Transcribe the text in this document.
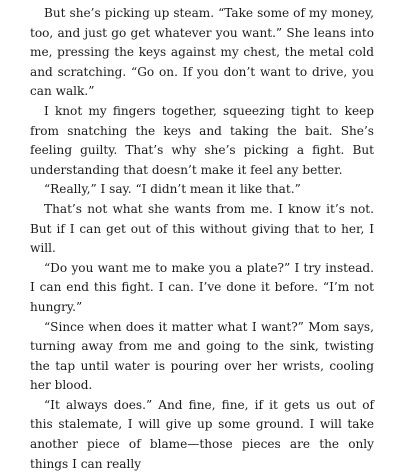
But she’s picking up steam. “Take some of my money, too, and just go get whatever you want.” She leans into me, pressing the keys against my chest, the metal cold and scratching. “Go on. If you don’t want to drive, you can walk.”

I knot my fingers together, squeezing tight to keep from snatching the keys and taking the bait. She’s feeling guilty. That’s why she’s picking a fight. But understanding that doesn’t make it feel any better.

“Really,” I say. “I didn’t mean it like that.”

That’s not what she wants from me. I know it’s not. But if I can get out of this without giving that to her, I will.

“Do you want me to make you a plate?” I try instead. I can end this fight. I can. I’ve done it before. “I’m not hungry.”

“Since when does it matter what I want?” Mom says, turning away from me and going to the sink, twisting the tap until water is pouring over her wrists, cooling her blood.

“It always does.” And fine, fine, if it gets us out of this stalemate, I will give up some ground. I will take another piece of blame—those pieces are the only things I can really
